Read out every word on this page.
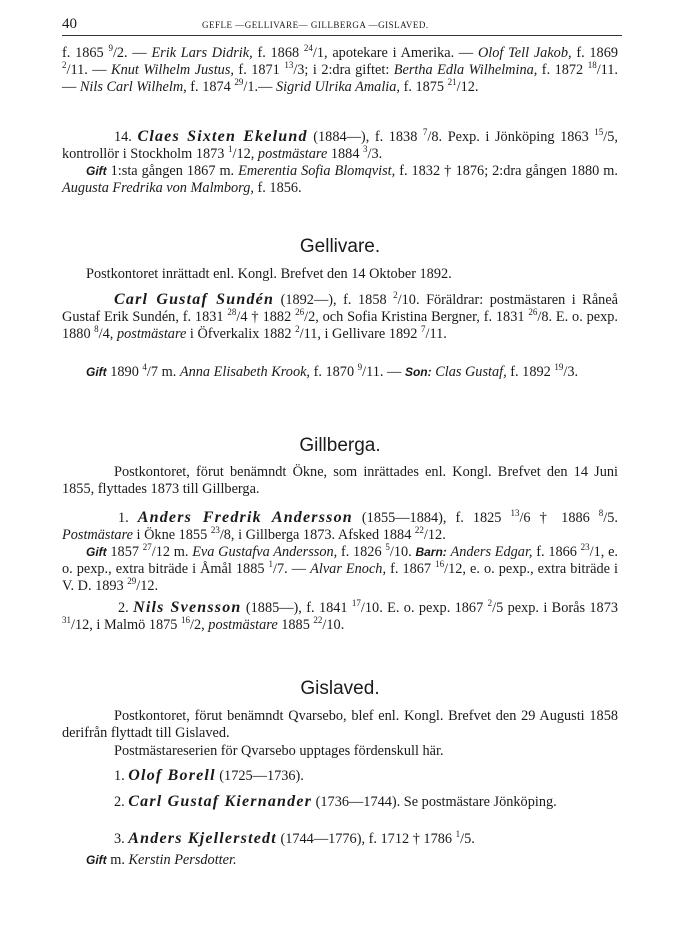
40	GEFLE —GELLIVARE— GILLBERGA —GISLAVED.
f. 1865 $^9$/2. — Erik Lars Didrik, f. 1868 $^{24}$/1, apotekare i Amerika. — Olof Tell Jakob, f. 1869 $^2$/11. — Knut Wilhelm Justus, f. 1871 $^{13}$/3; i 2:dra giftet: Bertha Edla Wilhelmina, f. 1872 $^{18}$/11. — Nils Carl Wilhelm, f. 1874 $^{29}$/1.— Sigrid Ulrika Amalia, f. 1875 $^{21}$/12.
14. Claes Sixten Ekelund (1884—), f. 1838 $^7$/8. Pexp. i Jönköping 1863 $^{15}$/5, kontrollör i Stockholm 1873 $^1$/12, postmästare 1884 $^3$/3.
Gift 1:sta gången 1867 m. Emerentia Sofia Blomqvist, f. 1832 † 1876; 2:dra gången 1880 m. Augusta Fredrika von Malmborg, f. 1856.
Gellivare.
Postkontoret inrättadt enl. Kongl. Brefvet den 14 Oktober 1892.
Carl Gustaf Sundén (1892—), f. 1858 $^2$/10. Föräldrar: postmästaren i Råneå Gustaf Erik Sundén, f. 1831 $^{28}$/4 † 1882 $^{26}$/2, och Sofia Kristina Bergner, f. 1831 $^{26}$/8. E. o. pexp. 1880 $^8$/4, postmästare i Öfverkalix 1882 $^2$/11, i Gellivare 1892 $^7$/11.
Gift 1890 $^4$/7 m. Anna Elisabeth Krook, f. 1870 $^9$/11. — Son: Clas Gustaf, f. 1892 $^{19}$/3.
Gillberga.
Postkontoret, förut benämndt Ökne, som inrättades enl. Kongl. Brefvet den 14 Juni 1855, flyttades 1873 till Gillberga.
1. Anders Fredrik Andersson (1855—1884), f. 1825 $^{13}$/6 † 1886 $^8$/5. Postmästare i Ökne 1855 $^{23}$/8, i Gillberga 1873. Afsked 1884 $^{22}$/12.
Gift 1857 $^{27}$/12 m. Eva Gustafva Andersson, f. 1826 $^5$/10. Barn: Anders Edgar, f. 1866 $^{23}$/1, e. o. pexp., extra biträde i Åmål 1885 $^1$/7. — Alvar Enoch, f. 1867 $^{16}$/12, e. o. pexp., extra biträde i V. D. 1893 $^{29}$/12.
2. Nils Svensson (1885—), f. 1841 $^{17}$/10. E. o. pexp. 1867 $^2$/5 pexp. i Borås 1873 $^{31}$/12, i Malmö 1875 $^{16}$/2, postmästare 1885 $^{22}$/10.
Gislaved.
Postkontoret, förut benämndt Qvarsebo, blef enl. Kongl. Brefvet den 29 Augusti 1858 derifrån flyttadt till Gislaved.
Postmästareserien för Qvarsebo upptages fördenskull här.
1. Olof Borell (1725—1736).
2. Carl Gustaf Kiernander (1736—1744). Se postmästare Jönköping.
3. Anders Kjellerstedt (1744—1776), f. 1712 † 1786 $^1$/5.
Gift m. Kerstin Persdotter.
